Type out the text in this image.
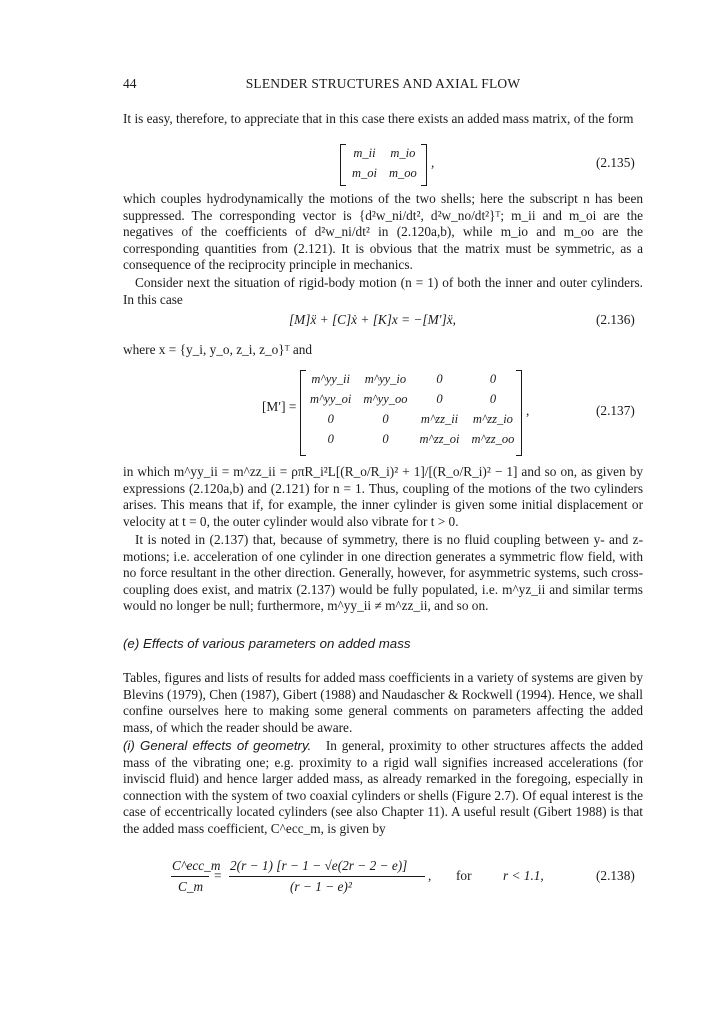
44	SLENDER STRUCTURES AND AXIAL FLOW

It is easy, therefore, to appreciate that in this case there exists an added mass matrix, of the form

m_ii	m_io
m_oi	m_oo
,	(2.135)

which couples hydrodynamically the motions of the two shells; here the subscript n has been suppressed. The corresponding vector is {d²w_ni/dt², d²w_no/dt²}ᵀ; m_ii and m_oi are the negatives of the coefficients of d²w_ni/dt² in (2.120a,b), while m_io and m_oo are the corresponding quantities from (2.121). It is obvious that the matrix must be symmetric, as a consequence of the reciprocity principle in mechanics.

Consider next the situation of rigid-body motion (n = 1) of both the inner and outer cylinders. In this case

[M]ẍ + [C]ẋ + [K]x = −[M′]ẍ,	(2.136)

where x = {y_i, y_o, z_i, z_o}ᵀ and

[M′] =
m^yy_ii	m^yy_io	0	0
m^yy_oi	m^yy_oo	0	0
0	0	m^zz_ii	m^zz_io
0	0	m^zz_oi	m^zz_oo
,	(2.137)

in which m^yy_ii = m^zz_ii = ρπR_i²L[(R_o/R_i)² + 1]/[(R_o/R_i)² − 1] and so on, as given by expressions (2.120a,b) and (2.121) for n = 1. Thus, coupling of the motions of the two cylinders arises. This means that if, for example, the inner cylinder is given some initial displacement or velocity at t = 0, the outer cylinder would also vibrate for t > 0.

It is noted in (2.137) that, because of symmetry, there is no fluid coupling between y- and z-motions; i.e. acceleration of one cylinder in one direction generates a symmetric flow field, with no force resultant in the other direction. Generally, however, for asymmetric systems, such cross-coupling does exist, and matrix (2.137) would be fully populated, i.e. m^yz_ii and similar terms would no longer be null; furthermore, m^yy_ii ≠ m^zz_ii, and so on.

(e) Effects of various parameters on added mass

Tables, figures and lists of results for added mass coefficients in a variety of systems are given by Blevins (1979), Chen (1987), Gibert (1988) and Naudascher & Rockwell (1994). Hence, we shall confine ourselves here to making some general comments on parameters affecting the added mass, of which the reader should be aware.

(i) General effects of geometry. In general, proximity to other structures affects the added mass of the vibrating one; e.g. proximity to a rigid wall signifies increased accelerations (for inviscid fluid) and hence larger added mass, as already remarked in the foregoing, especially in connection with the system of two coaxial cylinders or shells (Figure 2.7). Of equal interest is the case of eccentrically located cylinders (see also Chapter 11). A useful result (Gibert 1988) is that the added mass coefficient, C^ecc_m, is given by

C^ecc_m
C_m
=
2(r − 1) [r − 1 − √e(2r − 2 − e)]
(r − 1 − e)²
, for r < 1.1,	(2.138)
